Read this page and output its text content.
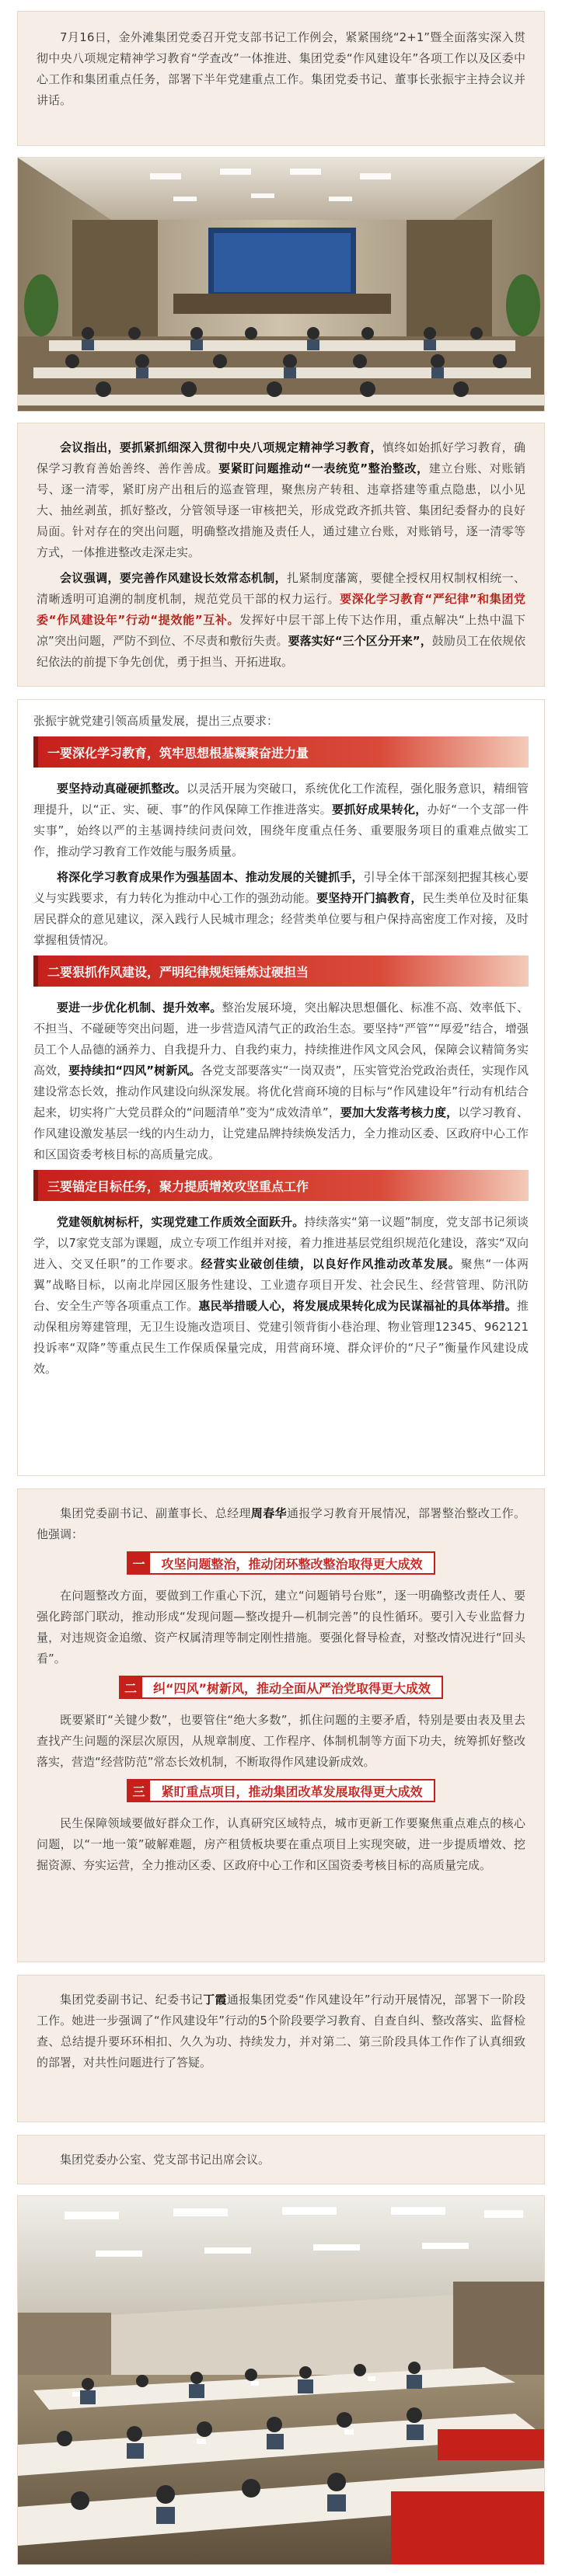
7月16日，金外滩集团党委召开党支部书记工作例会，紧紧围绕“2+1”暨全面落实深入贯彻中央八项规定精神学习教育“学查改”一体推进、集团党委“作风建设年”各项工作以及区委中心工作和集团重点任务，部署下半年党建重点工作。集团党委书记、董事长张振宇主持会议并讲话。

会议指出，要抓紧抓细深入贯彻中央八项规定精神学习教育，慎终如始抓好学习教育，确保学习教育善始善终、善作善成。要紧盯问题推动“一表统览”整治整改，建立台账、对账销号、逐一清零，紧盯房产出租后的巡查管理，聚焦房产转租、违章搭建等重点隐患，以小见大、抽丝剥茧，抓好整改，分管领导逐一审核把关，形成党政齐抓共管、集团纪委督办的良好局面。针对存在的突出问题，明确整改措施及责任人，通过建立台账，对账销号，逐一清零等方式，一体推进整改走深走实。

会议强调，要完善作风建设长效常态机制，扎紧制度藩篱，要健全授权用权制权相统一、清晰透明可追溯的制度机制，规范党员干部的权力运行。要深化学习教育“严纪律”和集团党委“作风建设年”行动“提效能”互补。发挥好中层干部上传下达作用，重点解决“上热中温下凉”突出问题，严防不到位、不尽责和敷衍失责。要落实好“三个区分开来”，鼓励员工在依规依纪依法的前提下争先创优，勇于担当、开拓进取。

张振宇就党建引领高质量发展，提出三点要求：

一要深化学习教育，筑牢思想根基凝聚奋进力量

要坚持动真碰硬抓整改。以灵活开展为突破口，系统优化工作流程，强化服务意识，精细管理提升，以“正、实、硬、事”的作风保障工作推进落实。要抓好成果转化，办好“一个支部一件实事”，始终以严的主基调持续问责问效，围绕年度重点任务、重要服务项目的重难点做实工作，推动学习教育工作效能与服务质量。

将深化学习教育成果作为强基固本、推动发展的关键抓手，引导全体干部深刻把握其核心要义与实践要求，有力转化为推动中心工作的强劲动能。要坚持开门搞教育，民生类单位及时征集居民群众的意见建议，深入践行人民城市理念；经营类单位要与租户保持高密度工作对接，及时掌握租赁情况。

二要狠抓作风建设，严明纪律规矩锤炼过硬担当

要进一步优化机制、提升效率。整治发展环境，突出解决思想僵化、标准不高、效率低下、不担当、不碰硬等突出问题，进一步营造风清气正的政治生态。要坚持“严管”“厚爱”结合，增强员工个人品德的涵养力、自我提升力、自我约束力，持续推进作风文风会风，保障会议精简务实高效，要持续扣“四风”树新风。各党支部要落实“一岗双责”，压实管党治党政治责任，实现作风建设常态长效，推动作风建设向纵深发展。将优化营商环境的目标与“作风建设年”行动有机结合起来，切实将广大党员群众的“问题清单”变为“成效清单”，要加大发落考核力度，以学习教育、作风建设激发基层一线的内生动力，让党建品牌持续焕发活力，全力推动区委、区政府中心工作和区国资委考核目标的高质量完成。

三要锚定目标任务，聚力提质增效攻坚重点工作

党建领航树标杆，实现党建工作质效全面跃升。持续落实“第一议题”制度，党支部书记须谈学，以7家党支部为课题，成立专项工作组并对接，着力推进基层党组织规范化建设，落实“双向进入、交叉任职”的工作要求。经营实业破创佳绩，以良好作风推动改革发展。聚焦“一体两翼”战略目标，以南北岸园区服务性建设、工业遗存项目开发、社会民生、经营管理、防汛防台、安全生产等各项重点工作。惠民举措暖人心，将发展成果转化成为民谋福祉的具体举措。推动保租房筹建管理，无卫生设施改造项目、党建引领背街小巷治理、物业管理12345、962121投诉率“双降”等重点民生工作保质保量完成，用营商环境、群众评价的“尺子”衡量作风建设成效。

集团党委副书记、副董事长、总经理周春华通报学习教育开展情况，部署整治整改工作。他强调：

一	攻坚问题整治，推动闭环整改整治取得更大成效

在问题整改方面，要做到工作重心下沉，建立“问题销号台账”，逐一明确整改责任人、要强化跨部门联动，推动形成“发现问题—整改提升—机制完善”的良性循环。要引入专业监督力量，对违规资金追缴、资产权属清理等制定刚性措施。要强化督导检查，对整改情况进行“回头看”。

二	纠“四风”树新风，推动全面从严治党取得更大成效

既要紧盯“关键少数”，也要管住“绝大多数”，抓住问题的主要矛盾，特别是要由表及里去查找产生问题的深层次原因，从规章制度、工作程序、体制机制等方面下功夫，统筹抓好整改落实，营造“经营防范”常态长效机制，不断取得作风建设新成效。

三	紧盯重点项目，推动集团改革发展取得更大成效

民生保障领域要做好群众工作，认真研究区域特点，城市更新工作要聚焦重点难点的核心问题，以“一地一策”破解难题，房产租赁板块要在重点项目上实现突破，进一步提质增效、挖掘资源、夯实运营，全力推动区委、区政府中心工作和区国资委考核目标的高质量完成。

集团党委副书记、纪委书记丁霞通报集团党委“作风建设年”行动开展情况，部署下一阶段工作。她进一步强调了“作风建设年”行动的5个阶段要学习教育、自查自纠、整改落实、监督检查、总结提升要环环相扣、久久为功、持续发力，并对第二、第三阶段具体工作作了认真细致的部署，对共性问题进行了答疑。

集团党委办公室、党支部书记出席会议。
